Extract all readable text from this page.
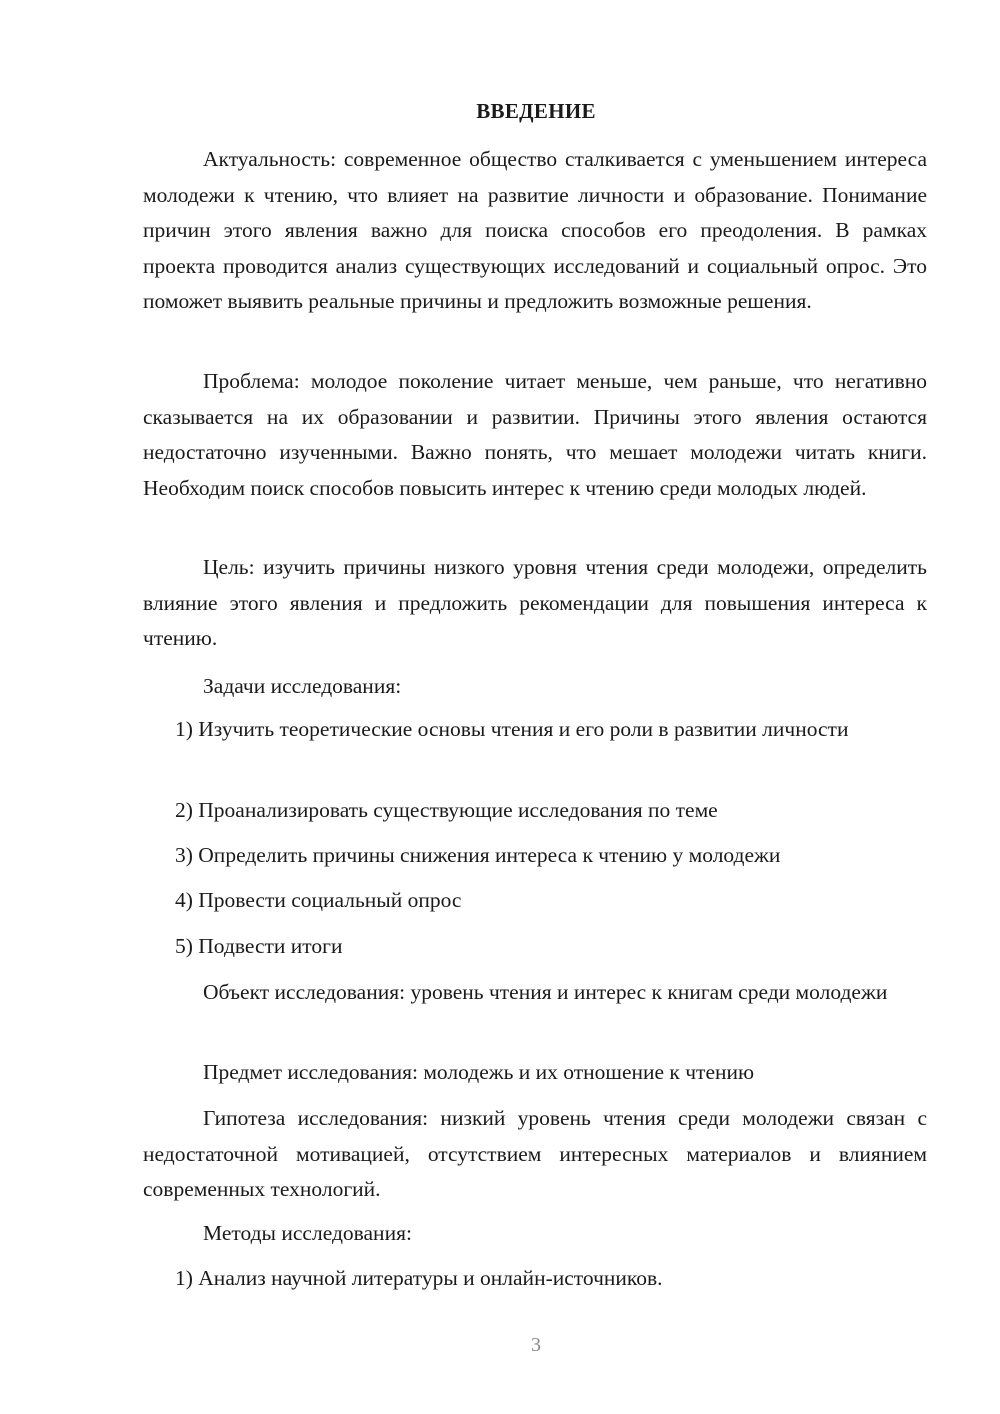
ВВЕДЕНИЕ

Актуальность: современное общество сталкивается с уменьшением интереса молодежи к чтению, что влияет на развитие личности и образование. Понимание причин этого явления важно для поиска способов его преодоления. В рамках проекта проводится анализ существующих исследований и социальный опрос. Это поможет выявить реальные причины и предложить возможные решения.

Проблема: молодое поколение читает меньше, чем раньше, что негативно сказывается на их образовании и развитии. Причины этого явления остаются недостаточно изученными. Важно понять, что мешает молодежи читать книги. Необходим поиск способов повысить интерес к чтению среди молодых людей.

Цель: изучить причины низкого уровня чтения среди молодежи, определить влияние этого явления и предложить рекомендации для повышения интереса к чтению.

Задачи исследования:

1) Изучить теоретические основы чтения и его роли в развитии личности

2) Проанализировать существующие исследования по теме
3) Определить причины снижения интереса к чтению у молодежи
4) Провести социальный опрос
5) Подвести итоги

Объект исследования: уровень чтения и интерес к книгам среди молодежи

Предмет исследования: молодежь и их отношение к чтению

Гипотеза исследования: низкий уровень чтения среди молодежи связан с недостаточной мотивацией, отсутствием интересных материалов и влиянием современных технологий.

Методы исследования:
1) Анализ научной литературы и онлайн-источников.
3
